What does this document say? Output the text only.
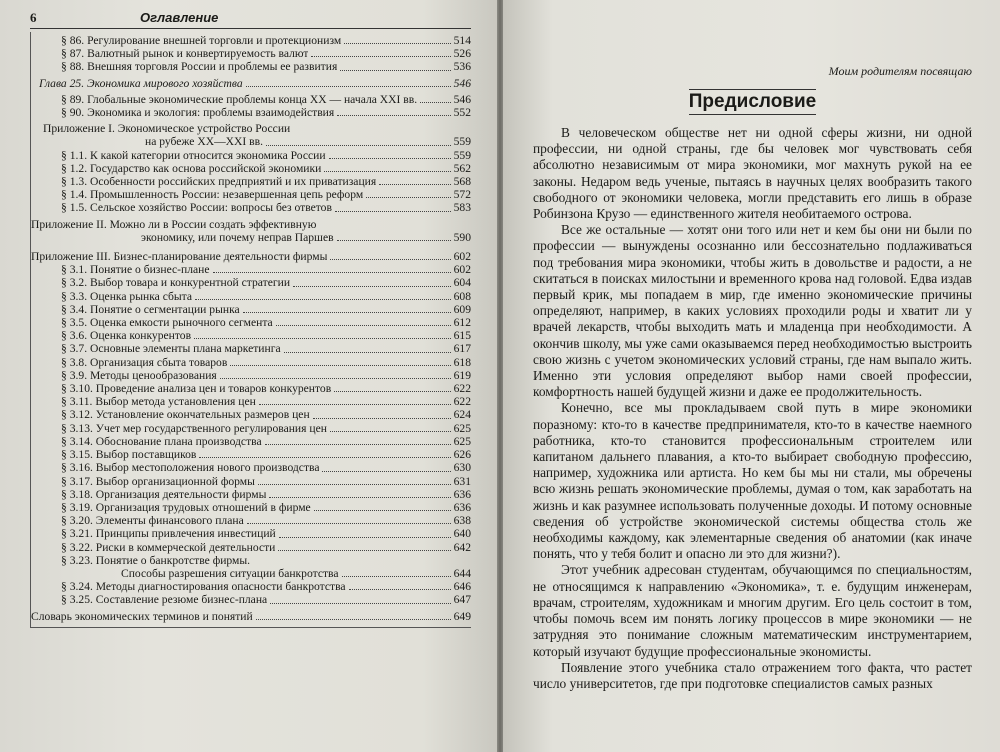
6	Оглавление
§ 86. Регулирование внешней торговли и протекционизм	514
§ 87. Валютный рынок и конвертируемость валют	526
§ 88. Внешняя торговля России и проблемы ее развития	536
Глава 25. Экономика мирового хозяйства	546
§ 89. Глобальные экономические проблемы конца XX — начала XXI вв.	546
§ 90. Экономика и экология: проблемы взаимодействия	552
Приложение I. Экономическое устройство России
на рубеже XX—XXI вв.	559
§ 1.1. К какой категории относится экономика России	559
§ 1.2. Государство как основа российской экономики	562
§ 1.3. Особенности российских предприятий и их приватизация	568
§ 1.4. Промышленность России: незавершенная цепь реформ	572
§ 1.5. Сельское хозяйство России: вопросы без ответов	583
Приложение II. Можно ли в России создать эффективную
экономику, или почему неправ Паршев	590
Приложение III. Бизнес-планирование деятельности фирмы	602
§ 3.1. Понятие о бизнес-плане	602
§ 3.2. Выбор товара и конкурентной стратегии	604
§ 3.3. Оценка рынка сбыта	608
§ 3.4. Понятие о сегментации рынка	609
§ 3.5. Оценка емкости рыночного сегмента	612
§ 3.6. Оценка конкурентов	615
§ 3.7. Основные элементы плана маркетинга	617
§ 3.8. Организация сбыта товаров	618
§ 3.9. Методы ценообразования	619
§ 3.10. Проведение анализа цен и товаров конкурентов	622
§ 3.11. Выбор метода установления цен	622
§ 3.12. Установление окончательных размеров цен	624
§ 3.13. Учет мер государственного регулирования цен	625
§ 3.14. Обоснование плана производства	625
§ 3.15. Выбор поставщиков	626
§ 3.16. Выбор местоположения нового производства	630
§ 3.17. Выбор организационной формы	631
§ 3.18. Организация деятельности фирмы	636
§ 3.19. Организация трудовых отношений в фирме	636
§ 3.20. Элементы финансового плана	638
§ 3.21. Принципы привлечения инвестиций	640
§ 3.22. Риски в коммерческой деятельности	642
§ 3.23. Понятие о банкротстве фирмы.
Способы разрешения ситуации банкротства	644
§ 3.24. Методы диагностирования опасности банкротства	646
§ 3.25. Составление резюме бизнес-плана	647
Словарь экономических терминов и понятий	649
Моим родителям посвящаю
Предисловие

В человеческом обществе нет ни одной сферы жизни, ни одной профессии, ни одной страны, где бы человек мог чувствовать себя абсолютно независимым от мира экономики, мог махнуть рукой на ее законы. Недаром ведь ученые, пытаясь в научных целях вообразить такого свободного от экономики человека, могли представить его лишь в образе Робинзона Крузо — единственного жителя необитаемого острова.

Все же остальные — хотят они того или нет и кем бы они ни были по профессии — вынуждены осознанно или бессознательно подлаживаться под требования мира экономики, чтобы жить в довольстве и радости, а не скитаться в поисках милостыни и временного крова над головой. Едва издав первый крик, мы попадаем в мир, где именно экономические причины определяют, например, в каких условиях проходили роды и хватит ли у врачей лекарств, чтобы выходить мать и младенца при необходимости. А окончив школу, мы уже сами оказываемся перед необходимостью выстроить свою жизнь с учетом экономических условий страны, где нам выпало жить. Именно эти условия определяют выбор нами своей профессии, комфортность нашей будущей жизни и даже ее продолжительность.

Конечно, все мы прокладываем свой путь в мире экономики поразному: кто-то в качестве предпринимателя, кто-то в качестве наемного работника, кто-то становится профессиональным строителем или капитаном дальнего плавания, а кто-то выбирает свободную профессию, например, художника или артиста. Но кем бы мы ни стали, мы обречены всю жизнь решать экономические проблемы, думая о том, как заработать на жизнь и как разумнее использовать полученные доходы. И потому основные сведения об устройстве экономической системы общества столь же необходимы каждому, как элементарные сведения об анатомии (как иначе понять, что у тебя болит и опасно ли это для жизни?).

Этот учебник адресован студентам, обучающимся по специальностям, не относящимся к направлению «Экономика», т. е. будущим инженерам, врачам, строителям, художникам и многим другим. Его цель состоит в том, чтобы помочь всем им понять логику процессов в мире экономики — не затрудняя это понимание сложным математическим инструментарием, который изучают будущие профессиональные экономисты.

Появление этого учебника стало отражением того факта, что растет число университетов, где при подготовке специалистов самых разных
